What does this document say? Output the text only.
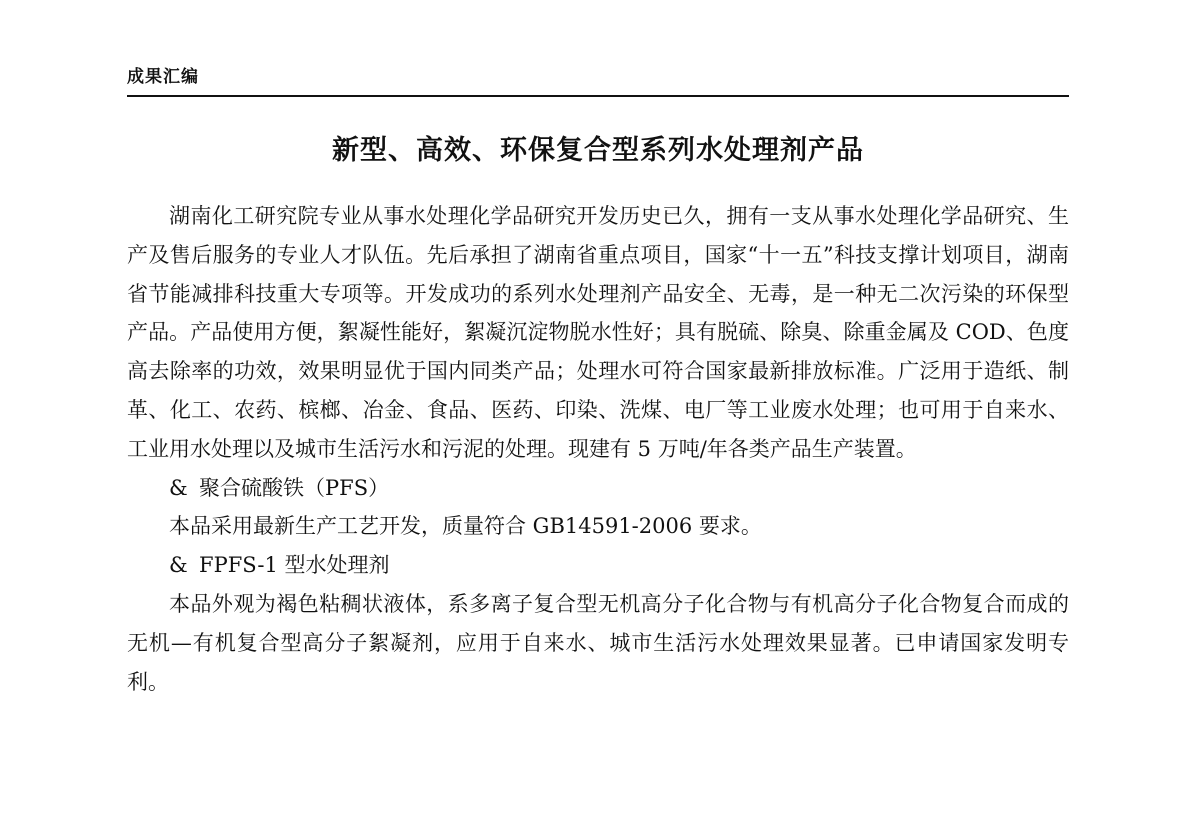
成果汇编
新型、高效、环保复合型系列水处理剂产品

湖南化工研究院专业从事水处理化学品研究开发历史已久，拥有一支从事水处理化学品研究、生产及售后服务的专业人才队伍。先后承担了湖南省重点项目，国家“十一五”科技支撑计划项目，湖南省节能减排科技重大专项等。开发成功的系列水处理剂产品安全、无毒，是一种无二次污染的环保型产品。产品使用方便，絮凝性能好，絮凝沉淀物脱水性好；具有脱硫、除臭、除重金属及 COD、色度高去除率的功效，效果明显优于国内同类产品；处理水可符合国家最新排放标准。广泛用于造纸、制革、化工、农药、槟榔、冶金、食品、医药、印染、洗煤、电厂等工业废水处理；也可用于自来水、工业用水处理以及城市生活污水和污泥的处理。现建有 5 万吨/年各类产品生产装置。

& 聚合硫酸铁（PFS）

本品采用最新生产工艺开发，质量符合 GB14591-2006 要求。

& FPFS-1 型水处理剂

本品外观为褐色粘稠状液体，系多离子复合型无机高分子化合物与有机高分子化合物复合而成的无机—有机复合型高分子絮凝剂，应用于自来水、城市生活污水处理效果显著。已申请国家发明专利。
